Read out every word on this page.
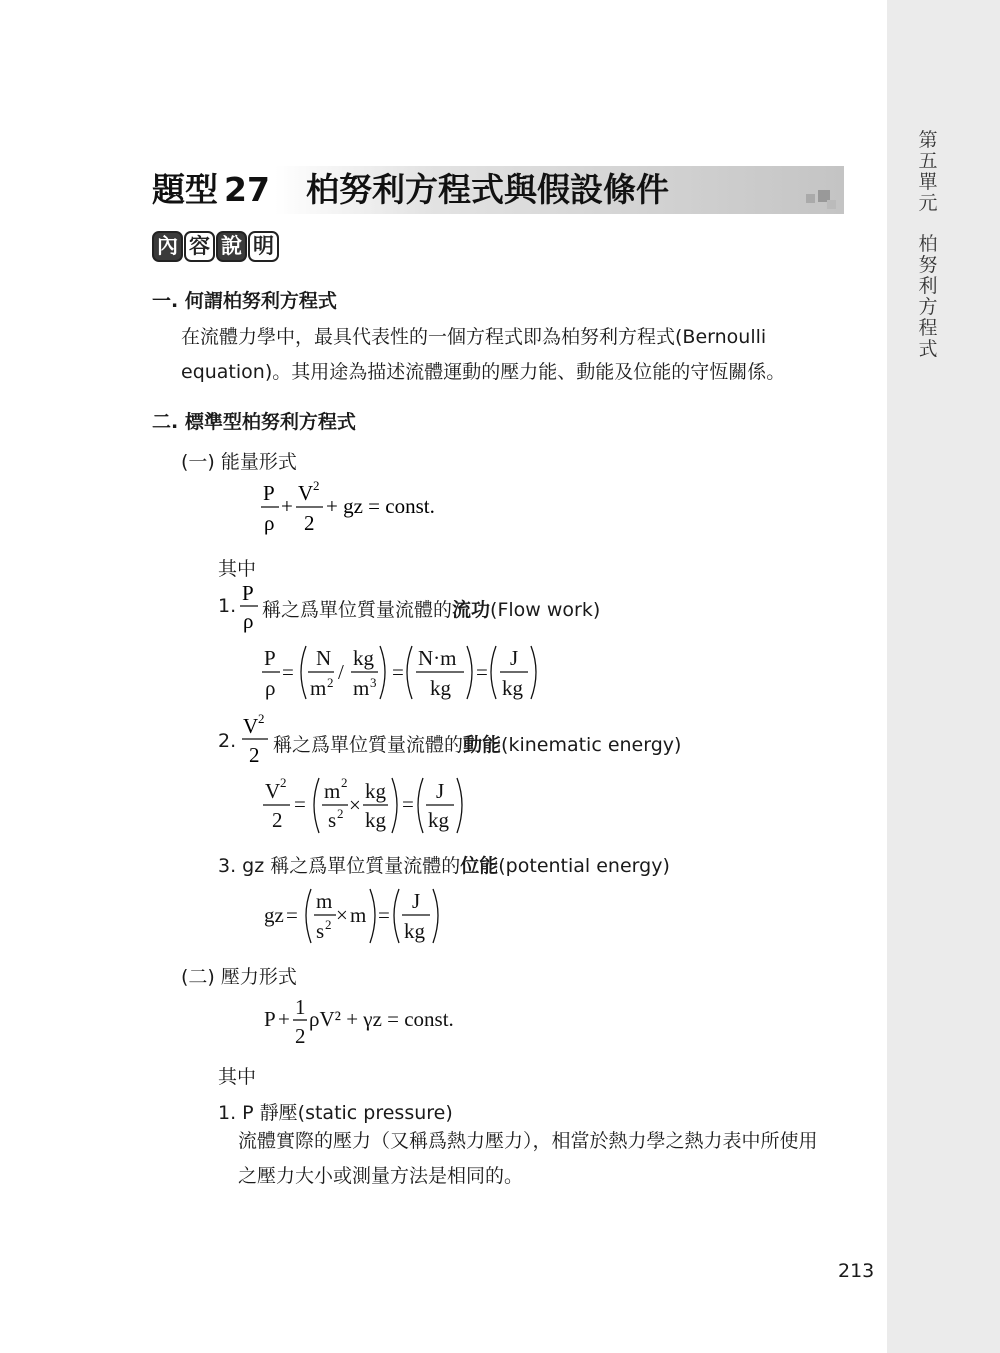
第五單元
柏努利方程式
題型 27 柏努利方程式與假設條件
內 容 說 明
一. 何謂柏努利方程式
在流體力學中，最具代表性的一個方程式即為柏努利方程式(Bernoulli
equation)。其用途為描述流體運動的壓力能、動能及位能的守恆關係。
二. 標準型柏努利方程式
(一) 能量形式
P
ρ
+
V 2
2
+ gz = const.
其中
1.
P
ρ 稱之爲單位質量流體的流功(Flow work)
P
ρ
=
N
m 2 /
kg
m 3 =
N·m
kg
=
J
kg
2.
V 2
2 稱之爲單位質量流體的動能(kinematic energy)
V 2
2
=
m 2
s 2 ×
kg
kg
=
J
kg
3. gz 稱之爲單位質量流體的位能(potential energy)
gz =
m
s 2 × m =
J
kg
(二) 壓力形式
P + 1
2
ρV² + γz = const.
其中
1. P 靜壓(static pressure)
流體實際的壓力（又稱爲熱力壓力），相當於熱力學之熱力表中所使用
之壓力大小或測量方法是相同的。
213
